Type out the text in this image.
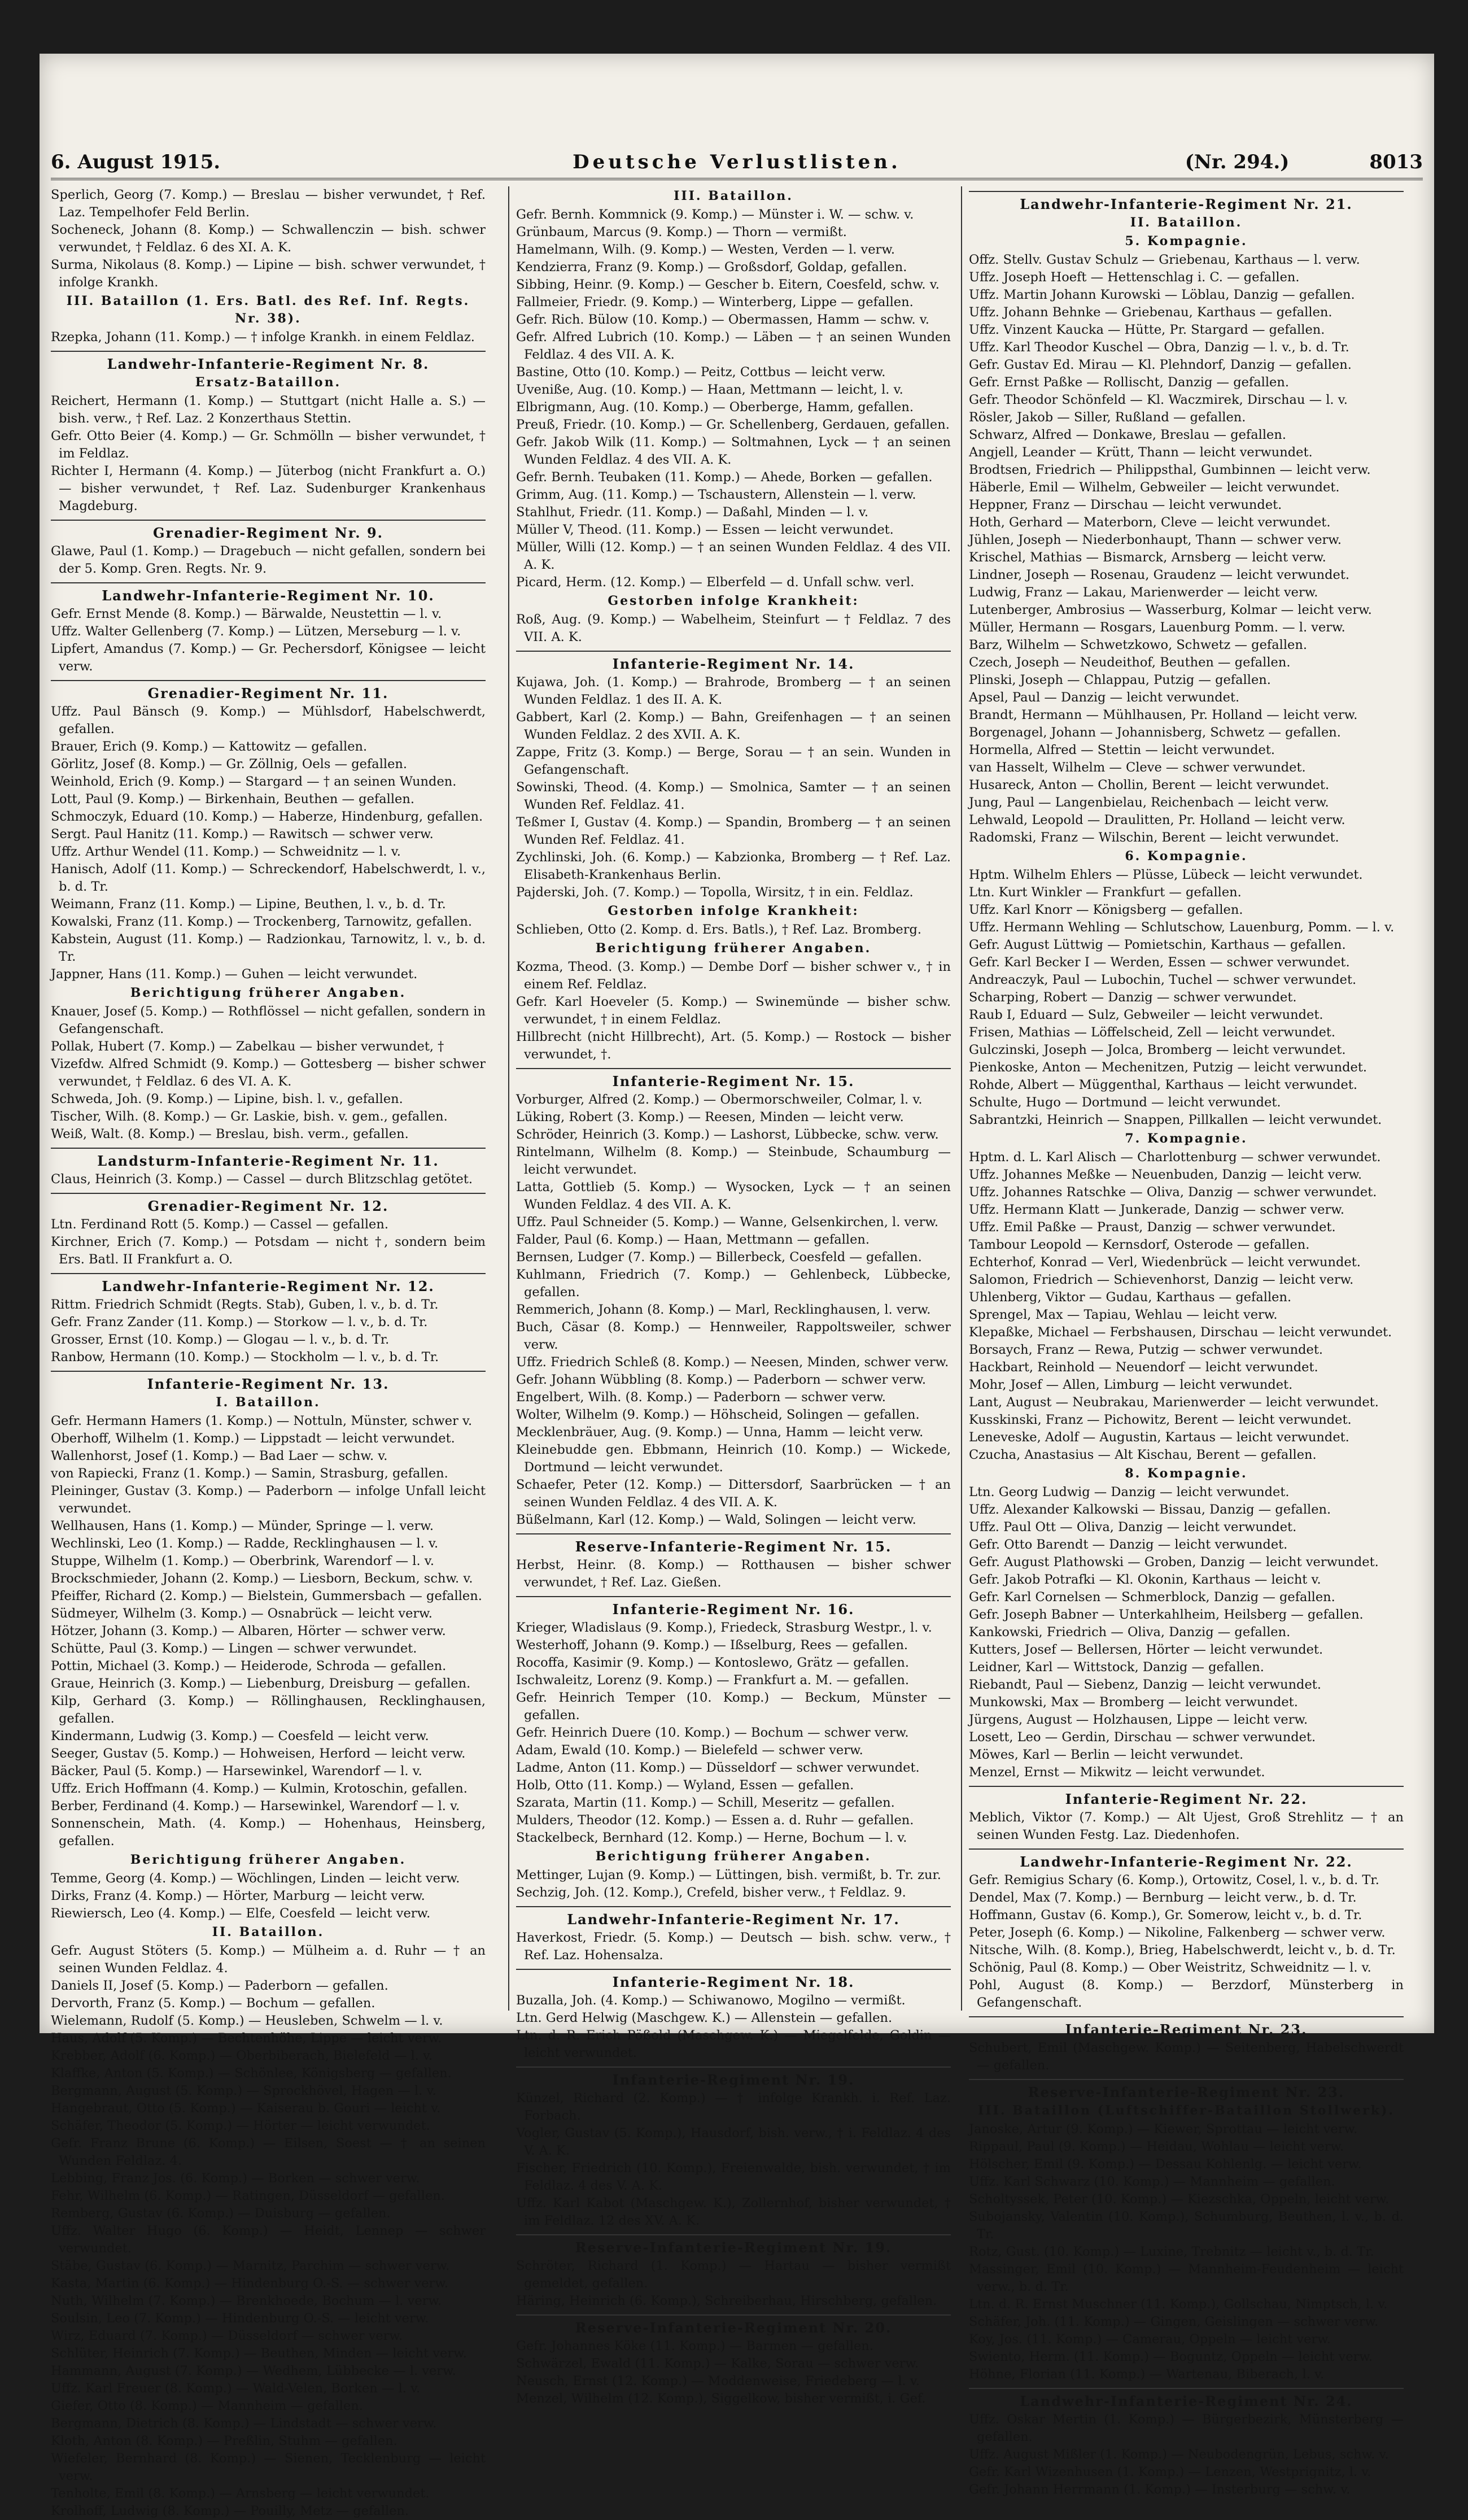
6. August 1915.	Deutsche Verlustlisten.	(Nr. 294.)	8013

Sperlich, Georg (7. Komp.) — Breslau — bisher verwundet, † Ref. Laz. Tempelhofer Feld Berlin.

Socheneck, Johann (8. Komp.) — Schwallenczin — bish. schwer verwundet, † Feldlaz. 6 des XI. A. K.

Surma, Nikolaus (8. Komp.) — Lipine — bish. schwer verwundet, † infolge Krankh.

III. Bataillon (1. Ers. Batl. des Ref. Inf. Regts. Nr. 38).

Rzepka, Johann (11. Komp.) — † infolge Krankh. in einem Feldlaz.

Landwehr-Infanterie-Regiment Nr. 8.
Ersatz-Bataillon.

Reichert, Hermann (1. Komp.) — Stuttgart (nicht Halle a. S.) — bish. verw., † Ref. Laz. 2 Konzerthaus Stettin.

Gefr. Otto Beier (4. Komp.) — Gr. Schmölln — bisher verwundet, † im Feldlaz.

Richter I, Hermann (4. Komp.) — Jüterbog (nicht Frankfurt a. O.) — bisher verwundet, † Ref. Laz. Sudenburger Krankenhaus Magdeburg.

Grenadier-Regiment Nr. 9.

Glawe, Paul (1. Komp.) — Dragebuch — nicht gefallen, sondern bei der 5. Komp. Gren. Regts. Nr. 9.

Landwehr-Infanterie-Regiment Nr. 10.

Gefr. Ernst Mende (8. Komp.) — Bärwalde, Neustettin — l. v.

Uffz. Walter Gellenberg (7. Komp.) — Lützen, Merseburg — l. v.

Lipfert, Amandus (7. Komp.) — Gr. Pechersdorf, Königsee — leicht verw.

Grenadier-Regiment Nr. 11.

Uffz. Paul Bänsch (9. Komp.) — Mühlsdorf, Habelschwerdt, gefallen.

Brauer, Erich (9. Komp.) — Kattowitz — gefallen.

Görlitz, Josef (8. Komp.) — Gr. Zöllnig, Oels — gefallen.

Weinhold, Erich (9. Komp.) — Stargard — † an seinen Wunden.

Lott, Paul (9. Komp.) — Birkenhain, Beuthen — gefallen.

Schmoczyk, Eduard (10. Komp.) — Haberze, Hindenburg, gefallen.

Sergt. Paul Hanitz (11. Komp.) — Rawitsch — schwer verw.

Uffz. Arthur Wendel (11. Komp.) — Schweidnitz — l. v.

Hanisch, Adolf (11. Komp.) — Schreckendorf, Habelschwerdt, l. v., b. d. Tr.

Weimann, Franz (11. Komp.) — Lipine, Beuthen, l. v., b. d. Tr.

Kowalski, Franz (11. Komp.) — Trockenberg, Tarnowitz, gefallen.

Kabstein, August (11. Komp.) — Radzionkau, Tarnowitz, l. v., b. d. Tr.

Jappner, Hans (11. Komp.) — Guhen — leicht verwundet.

Berichtigung früherer Angaben.

Knauer, Josef (5. Komp.) — Rothflössel — nicht gefallen, sondern in Gefangenschaft.

Pollak, Hubert (7. Komp.) — Zabelkau — bisher verwundet, †

Vizefdw. Alfred Schmidt (9. Komp.) — Gottesberg — bisher schwer verwundet, † Feldlaz. 6 des VI. A. K.

Schweda, Joh. (9. Komp.) — Lipine, bish. l. v., gefallen.

Tischer, Wilh. (8. Komp.) — Gr. Laskie, bish. v. gem., gefallen.

Weiß, Walt. (8. Komp.) — Breslau, bish. verm., gefallen.

Landsturm-Infanterie-Regiment Nr. 11.

Claus, Heinrich (3. Komp.) — Cassel — durch Blitzschlag getötet.

Grenadier-Regiment Nr. 12.

Ltn. Ferdinand Rott (5. Komp.) — Cassel — gefallen.

Kirchner, Erich (7. Komp.) — Potsdam — nicht †, sondern beim Ers. Batl. II Frankfurt a. O.

Landwehr-Infanterie-Regiment Nr. 12.

Rittm. Friedrich Schmidt (Regts. Stab), Guben, l. v., b. d. Tr.

Gefr. Franz Zander (11. Komp.) — Storkow — l. v., b. d. Tr.

Grosser, Ernst (10. Komp.) — Glogau — l. v., b. d. Tr.

Ranbow, Hermann (10. Komp.) — Stockholm — l. v., b. d. Tr.

Infanterie-Regiment Nr. 13.
I. Bataillon.

Gefr. Hermann Hamers (1. Komp.) — Nottuln, Münster, schwer v.

Oberhoff, Wilhelm (1. Komp.) — Lippstadt — leicht verwundet.

Wallenhorst, Josef (1. Komp.) — Bad Laer — schw. v.

von Rapiecki, Franz (1. Komp.) — Samin, Strasburg, gefallen.

Pleininger, Gustav (3. Komp.) — Paderborn — infolge Unfall leicht verwundet.

Wellhausen, Hans (1. Komp.) — Münder, Springe — l. verw.

Wechlinski, Leo (1. Komp.) — Radde, Recklinghausen — l. v.

Stuppe, Wilhelm (1. Komp.) — Oberbrink, Warendorf — l. v.

Brockschmieder, Johann (2. Komp.) — Liesborn, Beckum, schw. v.

Pfeiffer, Richard (2. Komp.) — Bielstein, Gummersbach — gefallen.

Südmeyer, Wilhelm (3. Komp.) — Osnabrück — leicht verw.

Hötzer, Johann (3. Komp.) — Albaren, Hörter — schwer verw.

Schütte, Paul (3. Komp.) — Lingen — schwer verwundet.

Pottin, Michael (3. Komp.) — Heiderode, Schroda — gefallen.

Graue, Heinrich (3. Komp.) — Liebenburg, Dreisburg — gefallen.

Kilp, Gerhard (3. Komp.) — Röllinghausen, Recklinghausen, gefallen.

Kindermann, Ludwig (3. Komp.) — Coesfeld — leicht verw.

Seeger, Gustav (5. Komp.) — Hohweisen, Herford — leicht verw.

Bäcker, Paul (5. Komp.) — Harsewinkel, Warendorf — l. v.

Uffz. Erich Hoffmann (4. Komp.) — Kulmin, Krotoschin, gefallen.

Berber, Ferdinand (4. Komp.) — Harsewinkel, Warendorf — l. v.

Sonnenschein, Math. (4. Komp.) — Hohenhaus, Heinsberg, gefallen.

Berichtigung früherer Angaben.

Temme, Georg (4. Komp.) — Wöchlingen, Linden — leicht verw.

Dirks, Franz (4. Komp.) — Hörter, Marburg — leicht verw.

Riewiersch, Leo (4. Komp.) — Elfe, Coesfeld — leicht verw.

II. Bataillon.

Gefr. August Stöters (5. Komp.) — Mülheim a. d. Ruhr — † an seinen Wunden Feldlaz. 4.

Daniels II, Josef (5. Komp.) — Paderborn — gefallen.

Dervorth, Franz (5. Komp.) — Bochum — gefallen.

Wielemann, Rudolf (5. Komp.) — Heusleben, Schwelm — l. v.

Haus, Adolf (5. Komp.) — Bechtenhöhe, Lippe — leicht verw.

Krebber, Adolf (6. Komp.) — Oberbiberach, Bielefeld — l. v.

Klaffke, Anton (5. Komp.) — Schönlee, Königsberg — gefallen.

Bergmann, August (5. Komp.) — Sprockhövel, Hagen — l. v.

Hangebraut, Otto (5. Komp.) — Kaiserau b. Gouri — leicht v.

Schäfer, Theodor (5. Komp.) — Hörter — leicht verwundet.

Gefr. Franz Brune (6. Komp.) — Eilsen, Soest — † an seinen Wunden Feldlaz. 4.

Lebbing, Franz Jos. (6. Komp.) — Borken — schwer verw.

Fehr, Wilhelm (6. Komp.) — Ratingen, Düsseldorf — gefallen.

Remberg, Gustav (6. Komp.) — Duisburg — gefallen.

Uffz. Walter Hugo (6. Komp.) — Heidt, Lennep — schwer verwundet.

Stäbe, Gustav (6. Komp.) — Marnitz, Parchim — schwer verw.

Kasta, Martin (6. Komp.) — Hindenburg O.-S. — schwer verw.

Nuth, Wilhelm (7. Komp.) — Brenkhoede, Bochum — l. verw.

Soulsin, Leo (7. Komp.) — Hindenburg O.-S. — leicht verw.

Wirz, Eduard (7. Komp.) — Düsseldorf — schwer verw.

Schlüter, Heinrich (7. Komp.) — Beuthen, Minden — leicht verw.

Hammann, August (7. Komp.) — Wedhem, Lübbecke — l. verw.

Uffz. Karl Freuer (8. Komp.) — Wald-Velen, Borken — l. v.

Giefer, Otto (8. Komp.) — Mannheim — gefallen.

Bergmann, Dietrich (8. Komp.) — Lindstadt — schwer verw.

Kloth, Anton (8. Komp.) — Preßlin, Stuhm — gefallen.

Wiefeler, Bernhard (8. Komp.) — Sienen, Tecklenburg — leicht verw.

Tenholte, Emil (8. Komp.) — Arnsberg — leicht verwundet.

Krolhoff, Ludwig (8. Komp.) — Pouilly, Metz — gefallen.

III. Bataillon.

Gefr. Bernh. Kommnick (9. Komp.) — Münster i. W. — schw. v.

Grünbaum, Marcus (9. Komp.) — Thorn — vermißt.

Hamelmann, Wilh. (9. Komp.) — Westen, Verden — l. verw.

Kendzierra, Franz (9. Komp.) — Großsdorf, Goldap, gefallen.

Sibbing, Heinr. (9. Komp.) — Gescher b. Eitern, Coesfeld, schw. v.

Fallmeier, Friedr. (9. Komp.) — Winterberg, Lippe — gefallen.

Gefr. Rich. Bülow (10. Komp.) — Obermassen, Hamm — schw. v.

Gefr. Alfred Lubrich (10. Komp.) — Läben — † an seinen Wunden Feldlaz. 4 des VII. A. K.

Bastine, Otto (10. Komp.) — Peitz, Cottbus — leicht verw.

Uveniße, Aug. (10. Komp.) — Haan, Mettmann — leicht, l. v.

Elbrigmann, Aug. (10. Komp.) — Oberberge, Hamm, gefallen.

Preuß, Friedr. (10. Komp.) — Gr. Schellenberg, Gerdauen, gefallen.

Gefr. Jakob Wilk (11. Komp.) — Soltmahnen, Lyck — † an seinen Wunden Feldlaz. 4 des VII. A. K.

Gefr. Bernh. Teubaken (11. Komp.) — Ahede, Borken — gefallen.

Grimm, Aug. (11. Komp.) — Tschaustern, Allenstein — l. verw.

Stahlhut, Friedr. (11. Komp.) — Daßahl, Minden — l. v.

Müller V, Theod. (11. Komp.) — Essen — leicht verwundet.

Müller, Willi (12. Komp.) — † an seinen Wunden Feldlaz. 4 des VII. A. K.

Picard, Herm. (12. Komp.) — Elberfeld — d. Unfall schw. verl.

Gestorben infolge Krankheit:

Roß, Aug. (9. Komp.) — Wabelheim, Steinfurt — † Feldlaz. 7 des VII. A. K.

Infanterie-Regiment Nr. 14.

Kujawa, Joh. (1. Komp.) — Brahrode, Bromberg — † an seinen Wunden Feldlaz. 1 des II. A. K.

Gabbert, Karl (2. Komp.) — Bahn, Greifenhagen — † an seinen Wunden Feldlaz. 2 des XVII. A. K.

Zappe, Fritz (3. Komp.) — Berge, Sorau — † an sein. Wunden in Gefangenschaft.

Sowinski, Theod. (4. Komp.) — Smolnica, Samter — † an seinen Wunden Ref. Feldlaz. 41.

Teßmer I, Gustav (4. Komp.) — Spandin, Bromberg — † an seinen Wunden Ref. Feldlaz. 41.

Zychlinski, Joh. (6. Komp.) — Kabzionka, Bromberg — † Ref. Laz. Elisabeth-Krankenhaus Berlin.

Pajderski, Joh. (7. Komp.) — Topolla, Wirsitz, † in ein. Feldlaz.

Gestorben infolge Krankheit:

Schlieben, Otto (2. Komp. d. Ers. Batls.), † Ref. Laz. Bromberg.

Berichtigung früherer Angaben.

Kozma, Theod. (3. Komp.) — Dembe Dorf — bisher schwer v., † in einem Ref. Feldlaz.

Gefr. Karl Hoeveler (5. Komp.) — Swinemünde — bisher schw. verwundet, † in einem Feldlaz.

Hillbrecht (nicht Hillbrecht), Art. (5. Komp.) — Rostock — bisher verwundet, †.

Infanterie-Regiment Nr. 15.

Vorburger, Alfred (2. Komp.) — Obermorschweiler, Colmar, l. v.

Lüking, Robert (3. Komp.) — Reesen, Minden — leicht verw.

Schröder, Heinrich (3. Komp.) — Lashorst, Lübbecke, schw. verw.

Rintelmann, Wilhelm (8. Komp.) — Steinbude, Schaumburg — leicht verwundet.

Latta, Gottlieb (5. Komp.) — Wysocken, Lyck — † an seinen Wunden Feldlaz. 4 des VII. A. K.

Uffz. Paul Schneider (5. Komp.) — Wanne, Gelsenkirchen, l. verw.

Falder, Paul (6. Komp.) — Haan, Mettmann — gefallen.

Bernsen, Ludger (7. Komp.) — Billerbeck, Coesfeld — gefallen.

Kuhlmann, Friedrich (7. Komp.) — Gehlenbeck, Lübbecke, gefallen.

Remmerich, Johann (8. Komp.) — Marl, Recklinghausen, l. verw.

Buch, Cäsar (8. Komp.) — Hennweiler, Rappoltsweiler, schwer verw.

Uffz. Friedrich Schleß (8. Komp.) — Neesen, Minden, schwer verw.

Gefr. Johann Wübbling (8. Komp.) — Paderborn — schwer verw.

Engelbert, Wilh. (8. Komp.) — Paderborn — schwer verw.

Wolter, Wilhelm (9. Komp.) — Höhscheid, Solingen — gefallen.

Mecklenbräuer, Aug. (9. Komp.) — Unna, Hamm — leicht verw.

Kleinebudde gen. Ebbmann, Heinrich (10. Komp.) — Wickede, Dortmund — leicht verwundet.

Schaefer, Peter (12. Komp.) — Dittersdorf, Saarbrücken — † an seinen Wunden Feldlaz. 4 des VII. A. K.

Büßelmann, Karl (12. Komp.) — Wald, Solingen — leicht verw.

Reserve-Infanterie-Regiment Nr. 15.

Herbst, Heinr. (8. Komp.) — Rotthausen — bisher schwer verwundet, † Ref. Laz. Gießen.

Infanterie-Regiment Nr. 16.

Krieger, Wladislaus (9. Komp.), Friedeck, Strasburg Westpr., l. v.

Westerhoff, Johann (9. Komp.) — Ißselburg, Rees — gefallen.

Rocoffa, Kasimir (9. Komp.) — Kontoslewo, Grätz — gefallen.

Ischwaleitz, Lorenz (9. Komp.) — Frankfurt a. M. — gefallen.

Gefr. Heinrich Temper (10. Komp.) — Beckum, Münster — gefallen.

Gefr. Heinrich Duere (10. Komp.) — Bochum — schwer verw.

Adam, Ewald (10. Komp.) — Bielefeld — schwer verw.

Ladme, Anton (11. Komp.) — Düsseldorf — schwer verwundet.

Holb, Otto (11. Komp.) — Wyland, Essen — gefallen.

Szarata, Martin (11. Komp.) — Schill, Meseritz — gefallen.

Mulders, Theodor (12. Komp.) — Essen a. d. Ruhr — gefallen.

Stackelbeck, Bernhard (12. Komp.) — Herne, Bochum — l. v.

Berichtigung früherer Angaben.

Mettinger, Lujan (9. Komp.) — Lüttingen, bish. vermißt, b. Tr. zur.

Sechzig, Joh. (12. Komp.), Crefeld, bisher verw., † Feldlaz. 9.

Landwehr-Infanterie-Regiment Nr. 17.

Haverkost, Friedr. (5. Komp.) — Deutsch — bish. schw. verw., † Ref. Laz. Hohensalza.

Infanterie-Regiment Nr. 18.

Buzalla, Joh. (4. Komp.) — Schiwanowo, Mogilno — vermißt.

Ltn. Gerd Helwig (Maschgew. K.) — Allenstein — gefallen.

Ltn. d. R. Erich Pößold (Maschgew. K.) — Miegelfelde, Goldin — leicht verwundet.

Infanterie-Regiment Nr. 19.

Künzel, Richard (2. Komp.) — † infolge Krankh. i. Ref. Laz. Forbach.

Vogler, Gustav (5. Komp.), Hausdorf, bish. verw., † i. Feldlaz. 4 des V. A. K.

Fischer, Friedrich (10. Komp.), Freienwalde, bish. verwundet, † im Feldlaz. 4 des V. A. K.

Uffz. Karl Kabot (Maschgew. K.), Zollernhof, bisher verwundet, † im Feldlaz. 12 des XV. A. K.

Reserve-Infanterie-Regiment Nr. 19.

Schröter, Richard (1. Komp.) — Hartau — bisher vermißt gemeldet, gefallen.

Häring, Heinrich (6. Komp.), Schreiberhau, Hirschberg, gefallen.

Reserve-Infanterie-Regiment Nr. 20.

Gefr. Johannes Köke (11. Komp.) — Barmen — gefallen.

Schwärzel, Ewald (11. Komp.) — Kalke, Sorau — schwer verw.

Neusch, Ernst (12. Komp.) — Moddenweise, Friedeberg — l. v.

Menzel, Wilhelm (12. Komp.), Siggelkow, bisher vermißt, i. Gef.

Landwehr-Infanterie-Regiment Nr. 21.
II. Bataillon.
5. Kompagnie.

Offz. Stellv. Gustav Schulz — Griebenau, Karthaus — l. verw.

Uffz. Joseph Hoeft — Hettenschlag i. C. — gefallen.

Uffz. Martin Johann Kurowski — Löblau, Danzig — gefallen.

Uffz. Johann Behnke — Griebenau, Karthaus — gefallen.

Uffz. Vinzent Kaucka — Hütte, Pr. Stargard — gefallen.

Uffz. Karl Theodor Kuschel — Obra, Danzig — l. v., b. d. Tr.

Gefr. Gustav Ed. Mirau — Kl. Plehndorf, Danzig — gefallen.

Gefr. Ernst Paßke — Rollischt, Danzig — gefallen.

Gefr. Theodor Schönfeld — Kl. Waczmirek, Dirschau — l. v.

Rösler, Jakob — Siller, Rußland — gefallen.

Schwarz, Alfred — Donkawe, Breslau — gefallen.

Angjell, Leander — Krütt, Thann — leicht verwundet.

Brodtsen, Friedrich — Philippsthal, Gumbinnen — leicht verw.

Häberle, Emil — Wilhelm, Gebweiler — leicht verwundet.

Heppner, Franz — Dirschau — leicht verwundet.

Hoth, Gerhard — Materborn, Cleve — leicht verwundet.

Jühlen, Joseph — Niederbonhaupt, Thann — schwer verw.

Krischel, Mathias — Bismarck, Arnsberg — leicht verw.

Lindner, Joseph — Rosenau, Graudenz — leicht verwundet.

Ludwig, Franz — Lakau, Marienwerder — leicht verw.

Lutenberger, Ambrosius — Wasserburg, Kolmar — leicht verw.

Müller, Hermann — Rosgars, Lauenburg Pomm. — l. verw.

Barz, Wilhelm — Schwetzkowo, Schwetz — gefallen.

Czech, Joseph — Neudeithof, Beuthen — gefallen.

Plinski, Joseph — Chlappau, Putzig — gefallen.

Apsel, Paul — Danzig — leicht verwundet.

Brandt, Hermann — Mühlhausen, Pr. Holland — leicht verw.

Borgenagel, Johann — Johannisberg, Schwetz — gefallen.

Hormella, Alfred — Stettin — leicht verwundet.

van Hasselt, Wilhelm — Cleve — schwer verwundet.

Husareck, Anton — Chollin, Berent — leicht verwundet.

Jung, Paul — Langenbielau, Reichenbach — leicht verw.

Lehwald, Leopold — Draulitten, Pr. Holland — leicht verw.

Radomski, Franz — Wilschin, Berent — leicht verwundet.

6. Kompagnie.

Hptm. Wilhelm Ehlers — Plüsse, Lübeck — leicht verwundet.

Ltn. Kurt Winkler — Frankfurt — gefallen.

Uffz. Karl Knorr — Königsberg — gefallen.

Uffz. Hermann Wehling — Schlutschow, Lauenburg, Pomm. — l. v.

Gefr. August Lüttwig — Pomietschin, Karthaus — gefallen.

Gefr. Karl Becker I — Werden, Essen — schwer verwundet.

Andreaczyk, Paul — Lubochin, Tuchel — schwer verwundet.

Scharping, Robert — Danzig — schwer verwundet.

Raub I, Eduard — Sulz, Gebweiler — leicht verwundet.

Frisen, Mathias — Löffelscheid, Zell — leicht verwundet.

Gulczinski, Joseph — Jolca, Bromberg — leicht verwundet.

Pienkoske, Anton — Mechenitzen, Putzig — leicht verwundet.

Rohde, Albert — Müggenthal, Karthaus — leicht verwundet.

Schulte, Hugo — Dortmund — leicht verwundet.

Sabrantzki, Heinrich — Snappen, Pillkallen — leicht verwundet.

7. Kompagnie.

Hptm. d. L. Karl Alisch — Charlottenburg — schwer verwundet.

Uffz. Johannes Meßke — Neuenbuden, Danzig — leicht verw.

Uffz. Johannes Ratschke — Oliva, Danzig — schwer verwundet.

Uffz. Hermann Klatt — Junkerade, Danzig — schwer verw.

Uffz. Emil Paßke — Praust, Danzig — schwer verwundet.

Tambour Leopold — Kernsdorf, Osterode — gefallen.

Echterhof, Konrad — Verl, Wiedenbrück — leicht verwundet.

Salomon, Friedrich — Schievenhorst, Danzig — leicht verw.

Uhlenberg, Viktor — Gudau, Karthaus — gefallen.

Sprengel, Max — Tapiau, Wehlau — leicht verw.

Klepaßke, Michael — Ferbshausen, Dirschau — leicht verwundet.

Borsaych, Franz — Rewa, Putzig — schwer verwundet.

Hackbart, Reinhold — Neuendorf — leicht verwundet.

Mohr, Josef — Allen, Limburg — leicht verwundet.

Lant, August — Neubrakau, Marienwerder — leicht verwundet.

Kusskinski, Franz — Pichowitz, Berent — leicht verwundet.

Leneveske, Adolf — Augustin, Kartaus — leicht verwundet.

Czucha, Anastasius — Alt Kischau, Berent — gefallen.

8. Kompagnie.

Ltn. Georg Ludwig — Danzig — leicht verwundet.

Uffz. Alexander Kalkowski — Bissau, Danzig — gefallen.

Uffz. Paul Ott — Oliva, Danzig — leicht verwundet.

Gefr. Otto Barendt — Danzig — leicht verwundet.

Gefr. August Plathowski — Groben, Danzig — leicht verwundet.

Gefr. Jakob Potrafki — Kl. Okonin, Karthaus — leicht v.

Gefr. Karl Cornelsen — Schmerblock, Danzig — gefallen.

Gefr. Joseph Babner — Unterkahlheim, Heilsberg — gefallen.

Kankowski, Friedrich — Oliva, Danzig — gefallen.

Kutters, Josef — Bellersen, Hörter — leicht verwundet.

Leidner, Karl — Wittstock, Danzig — gefallen.

Riebandt, Paul — Siebenz, Danzig — leicht verwundet.

Munkowski, Max — Bromberg — leicht verwundet.

Jürgens, August — Holzhausen, Lippe — leicht verw.

Losett, Leo — Gerdin, Dirschau — schwer verwundet.

Möwes, Karl — Berlin — leicht verwundet.

Menzel, Ernst — Mikwitz — leicht verwundet.

Infanterie-Regiment Nr. 22.

Meblich, Viktor (7. Komp.) — Alt Ujest, Groß Strehlitz — † an seinen Wunden Festg. Laz. Diedenhofen.

Landwehr-Infanterie-Regiment Nr. 22.

Gefr. Remigius Schary (6. Komp.), Ortowitz, Cosel, l. v., b. d. Tr.

Dendel, Max (7. Komp.) — Bernburg — leicht verw., b. d. Tr.

Hoffmann, Gustav (6. Komp.), Gr. Somerow, leicht v., b. d. Tr.

Peter, Joseph (6. Komp.) — Nikoline, Falkenberg — schwer verw.

Nitsche, Wilh. (8. Komp.), Brieg, Habelschwerdt, leicht v., b. d. Tr.

Schönig, Paul (8. Komp.) — Ober Weistritz, Schweidnitz — l. v.

Pohl, August (8. Komp.) — Berzdorf, Münsterberg in Gefangenschaft.

Infanterie-Regiment Nr. 23.

Schubert, Emil (Maschgew. Komp.) — Seitenberg, Habelschwerdt — gefallen.

Reserve-Infanterie-Regiment Nr. 23.
III. Bataillon (Luftschiffer-Bataillon Stollwerk).

Janoske, Artur (9. Komp.) — Kiewer, Sprottau — leicht verw.

Rippaul, Paul (9. Komp.) — Heidau, Wohlau — leicht verw.

Hölscher, Emil (9. Komp.) — Dessau Kohlenlg. — leicht verw.

Uffz. Karl Schwarz (10. Komp.) — Mannheim — gefallen.

Scholtyssek, Peter (10. Komp.) — Kiezschka, Oppeln, leicht verw.

Subojansky, Valentin (10. Komp.), Schumburg, Beuthen, l. v., b. d. Tr.

Rotz, Gust. (10. Komp.) — Luxine, Trebnitz — leicht v., b. d. Tr.

Massinger, Emil (10. Komp.) — Mannheim-Feudenheim — leicht verw., b. d. Tr.

Ltn. d. R. Ernst Muschner (11. Komp.), Gollschau, Nimptsch, l. v.

Schäfer, Joh. (11. Komp.) — Gingen, Geislingen — schwer verw.

Koy, Jos. (11. Komp.) — Camerau, Oppeln — leicht verw.

Swiento, Herm. (11. Komp.) — Boguntz, Oppeln — leicht verw.

Höhne, Florian (11. Komp.) — Wartenau, Biberach, l. v.

Landwehr-Infanterie-Regiment Nr. 24.

Uffz. Oskar Mertin (1. Komp.) — Bürgerbezirk, Münsterberg — gefallen.

Uffz. August Mißler (1. Komp.) — Neubodengrün, Lebus, schw. v.

Gefr. Karl Wizenhusen (1. Komp.) — Lenzen, Westprignitz, l. v.

Gefr. Johann Herrmann (1. Komp.) — Insterburg — schw. v.
